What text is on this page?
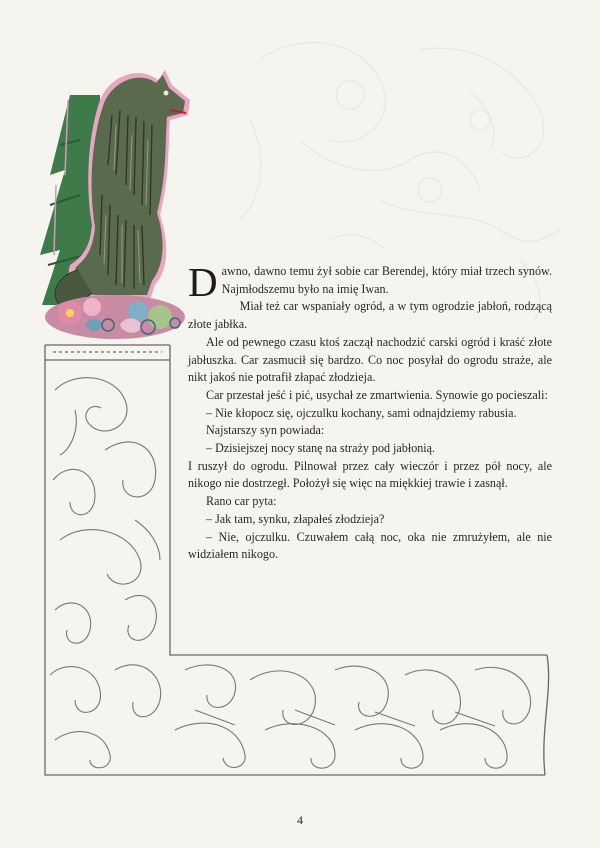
Dawno, dawno temu żył sobie car Berendej, który miał trzech synów. Najmłodszemu było na imię Iwan.

Miał też car wspaniały ogród, a w tym ogrodzie jabłoń, rodzącą złote jabłka.

Ale od pewnego czasu ktoś zaczął nachodzić carski ogród i kraść złote jabłuszka. Car zasmucił się bardzo. Co noc posyłał do ogrodu straże, ale nikt jakoś nie potrafił złapać złodzieja.

Car przestał jeść i pić, usychał ze zmartwienia. Synowie go pocieszali:

– Nie kłopocz się, ojczulku kochany, sami odnajdziemy rabusia.

Najstarszy syn powiada:

– Dzisiejszej nocy stanę na straży pod jabłonią.

I ruszył do ogrodu. Pilnował przez cały wieczór i przez pół nocy, ale nikogo nie dostrzegł. Położył się więc na miękkiej trawie i zasnął.

Rano car pyta:

– Jak tam, synku, złapałeś złodzieja?

– Nie, ojczulku. Czuwałem całą noc, oka nie zmrużyłem, ale nie widziałem nikogo.

4
